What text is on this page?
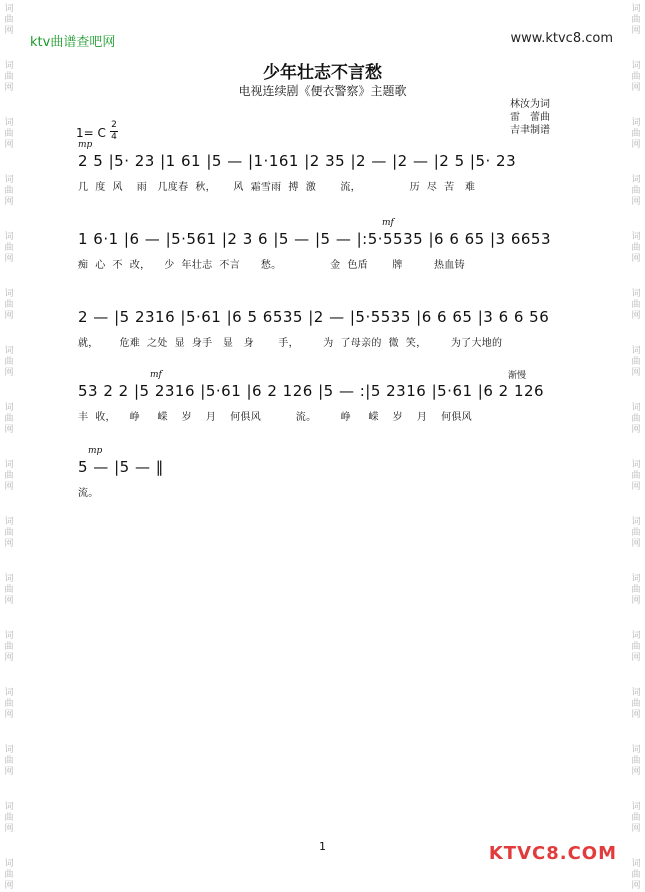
词
曲
网
词
曲
网
词
曲
网
词
曲
网
词
曲
网
词
曲
网
词
曲
网
词
曲
网
词
曲
网
词
曲
网
词
曲
网
词
曲
网
词
曲
网
词
曲
网
词
曲
网
词
曲
网
词
曲
网
词
曲
网
词
曲
网
词
曲
网
词
曲
网
词
曲
网
词
曲
网
词
曲
网
词
曲
网
词
曲
网
词
曲
网
词
曲
网
词
曲
网
词
曲
网
词
曲
网
词
曲
网
ktv曲谱查吧网	www.ktvc8.com
少年壮志不言愁
电视连续剧《便衣警察》主题歌
林汝为词
雷　蕾曲
吉聿制谱
1= C
2
4
mp
2 5 |5· 23 |1 61 |5 — |1·161 |2 35 |2 — |2 — |2 5 |5· 23
几  度  风    雨   几度春  秋，     风  霜雪雨  搏  激       流，              历  尽  苦   难
mf
1 6·1 |6 — |5·561 |2 3 6 |5 — |5 — |:5·5535 |6 6 65 |3 6653
痴  心  不  改，    少  年壮志  不言      愁。              金  色盾       牌         热血铸
2 — |5 2316 |5·61 |6 5 6535 |2 — |5·5535 |6 6 65 |3 6 6 56
就，      危难  之处  显  身手   显   身       手，       为  了母亲的  微  笑，       为了大地的
mf	渐慢
53 2 2 |5 2316 |5·61 |6 2 126 |5 — :|5 2316 |5·61 |6 2 126
丰  收，    峥     嵘    岁    月    何俱风          流。       峥     嵘    岁    月    何俱风
mp
5 — |5 — ‖
流。
1	KTVC8.COM
